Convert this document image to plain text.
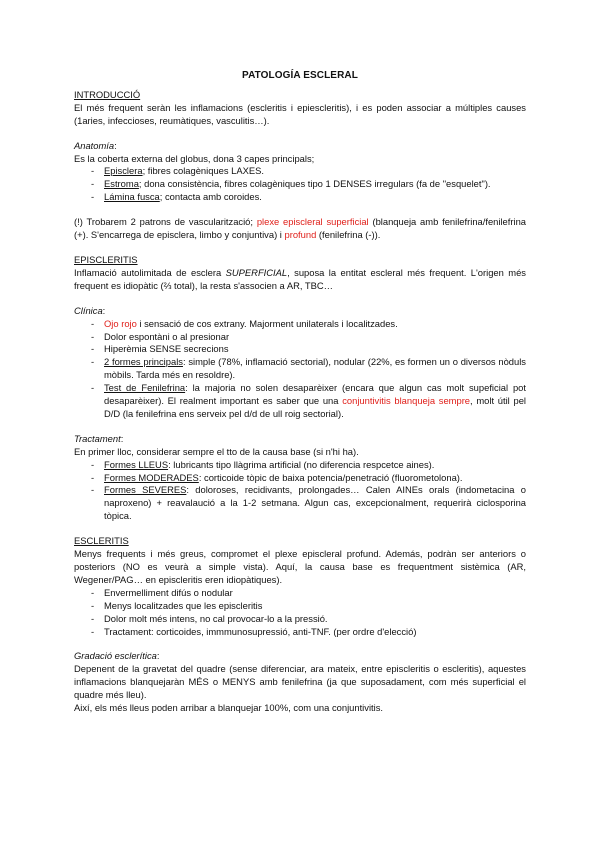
PATOLOGÍA ESCLERAL
INTRODUCCIÓ

El més frequent seràn les inflamacions (escleritis i epiescleritis), i es poden associar a múltiples causes (1aries, infeccioses, reumàtiques, vasculitis…).

Anatomía:

Es la coberta externa del globus, dona 3 capes principals;

- Episclera; fibres colagèniques LAXES.
- Estroma; dona consistència, fibres colagèniques tipo 1 DENSES irregulars (fa de "esquelet").
- Lámina fusca; contacta amb coroides.

(!) Trobarem 2 patrons de vascularització; plexe episcleral superficial (blanqueja amb fenilefrina/fenilefrina (+). S'encarrega de episclera, limbo y conjuntiva) i profund (fenilefrina (-)).

EPISCLERITIS

Inflamació autolimitada de esclera SUPERFICIAL, suposa la entitat escleral més frequent. L'origen més frequent es idiopàtic (⅔ total), la resta s'associen a AR, TBC…

Clínica:
- Ojo rojo i sensació de cos extrany. Majorment unilaterals i localitzades.
- Dolor espontàni o al presionar
- Hiperèmia SENSE secrecions
- 2 formes principals: simple (78%, inflamació sectorial), nodular (22%, es formen un o diversos nòduls mòbils. Tarda més en resoldre).
- Test de Fenilefrina: la majoria no solen desaparèixer (encara que algun cas molt supeficial pot desaparèixer). El realment important es saber que una conjuntivitis blanqueja sempre, molt útil pel D/D (la fenilefrina ens serveix pel d/d de ull roig sectorial).
Tractament:

En primer lloc, considerar sempre el tto de la causa base (si n'hi ha).

- Formes LLEUS: lubricants tipo llàgrima artificial (no diferencia respcetce aines).
- Formes MODERADES: corticoide tòpic de baixa potencia/penetració (fluorometolona).
- Formes SEVERES: doloroses, recidivants, prolongades… Calen AINEs orals (indometacina o naproxeno) + reavalaució a la 1-2 setmana. Algun cas, excepcionalment, requerirà ciclosporina tòpica.
ESCLERITIS

Menys frequents i més greus, compromet el plexe episcleral profund. Además, podràn ser anteriors o posteriors (NO es veurà a simple vista). Aquí, la causa base es frequentment sistèmica (AR, Wegener/PAG… en episcleritis eren idiopàtiques).

- Envermelliment difús o nodular
- Menys localitzades que les episcleritis
- Dolor molt més intens, no cal provocar-lo a la pressió.
- Tractament: corticoides, immmunosupressió, anti-TNF. (per ordre d'elecció)
Gradació esclerítica:

Depenent de la gravetat del quadre (sense diferenciar, ara mateix, entre episcleritis o escleritis), aquestes inflamacions blanquejaràn MÉS o MENYS amb fenilefrina (ja que suposadament, com més superficial el quadre més lleu).

Així, els més lleus poden arribar a blanquejar 100%, com una conjuntivitis.
